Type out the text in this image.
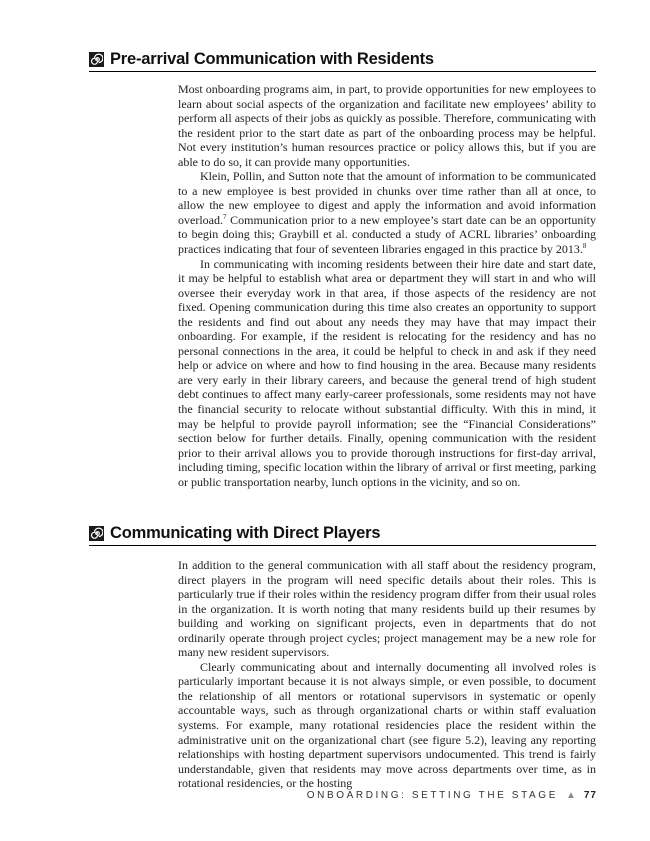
Pre-arrival Communication with Residents

Most onboarding programs aim, in part, to provide opportunities for new employees to learn about social aspects of the organization and facilitate new employees’ ability to perform all aspects of their jobs as quickly as possible. Therefore, communicating with the resident prior to the start date as part of the onboarding process may be helpful. Not every institution’s human resources practice or policy allows this, but if you are able to do so, it can provide many opportunities.

Klein, Pollin, and Sutton note that the amount of information to be communicated to a new employee is best provided in chunks over time rather than all at once, to allow the new employee to digest and apply the information and avoid information overload.$^7$ Communication prior to a new employee’s start date can be an opportunity to begin doing this; Graybill et al. conducted a study of ACRL libraries’ onboarding practices indicating that four of seventeen libraries engaged in this practice by 2013.$^8$

In communicating with incoming residents between their hire date and start date, it may be helpful to establish what area or department they will start in and who will oversee their everyday work in that area, if those aspects of the residency are not fixed. Opening communication during this time also creates an opportunity to support the residents and find out about any needs they may have that may impact their onboarding. For example, if the resident is relocating for the residency and has no personal connections in the area, it could be helpful to check in and ask if they need help or advice on where and how to find housing in the area. Because many residents are very early in their library careers, and because the general trend of high student debt continues to affect many early-career professionals, some residents may not have the financial security to relocate without substantial difficulty. With this in mind, it may be helpful to provide payroll information; see the “Financial Considerations” section below for further details. Finally, opening communication with the resident prior to their arrival allows you to provide thorough instructions for first-day arrival, including timing, specific location within the library of arrival or first meeting, parking or public transportation nearby, lunch options in the vicinity, and so on.

Communicating with Direct Players

In addition to the general communication with all staff about the residency program, direct players in the program will need specific details about their roles. This is particularly true if their roles within the residency program differ from their usual roles in the organization. It is worth noting that many residents build up their resumes by building and working on significant projects, even in departments that do not ordinarily operate through project cycles; project management may be a new role for many new resident supervisors.

Clearly communicating about and internally documenting all involved roles is particularly important because it is not always simple, or even possible, to document the relationship of all mentors or rotational supervisors in systematic or openly accountable ways, such as through organizational charts or within staff evaluation systems. For example, many rotational residencies place the resident within the administrative unit on the organizational chart (see figure 5.2), leaving any reporting relationships with hosting department supervisors undocumented. This trend is fairly understandable, given that residents may move across departments over time, as in rotational residencies, or the hosting

ONBOARDING: SETTING THE STAGE ▲ 77
